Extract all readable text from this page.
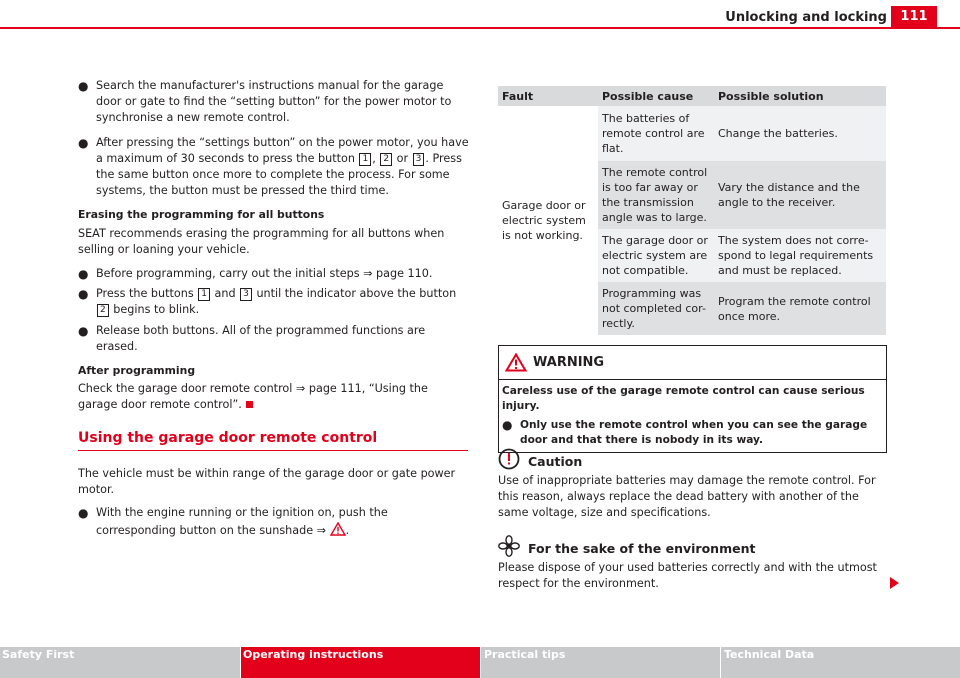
Unlocking and locking	111
● Search the manufacturer's instructions manual for the garage door or gate to find the “setting button” for the power motor to synchronise a new remote control.
● After pressing the “settings button” on the power motor, you have a maximum of 30 seconds to press the button 1 , 2 or 3 . Press the same button once more to complete the process. For some systems, the button must be pressed the third time.
Erasing the programming for all buttons
SEAT recommends erasing the programming for all buttons when selling or loaning your vehicle.
● Before programming, carry out the initial steps ⇒ page 110.
● Press the buttons 1 and 3 until the indicator above the button 2 begins to blink.
● Release both buttons. All of the programmed functions are erased.
After programming
Check the garage door remote control ⇒ page 111, “Using the garage door remote control”.
Using the garage door remote control
The vehicle must be within range of the garage door or gate power motor.
● With the engine running or the ignition on, push the corresponding button on the sunshade ⇒ .
Fault	Possible cause	Possible solution
Garage door or electric system is not working.	The batteries of remote control are flat.	Change the batteries.
	The remote control is too far away or the transmission angle was to large.	Vary the distance and the angle to the receiver.
	The garage door or electric system are not compatible.	The system does not corre- spond to legal requirements and must be replaced.
	Programming was not completed cor- rectly.	Program the remote control once more.
WARNING
Careless use of the garage remote control can cause serious injury.
● Only use the remote control when you can see the garage door and that there is nobody in its way.
Caution
Use of inappropriate batteries may damage the remote control. For this reason, always replace the dead battery with another of the same voltage, size and specifications.
For the sake of the environment
Please dispose of your used batteries correctly and with the utmost respect for the environment.
Safety First	Operating instructions	Practical tips	Technical Data
